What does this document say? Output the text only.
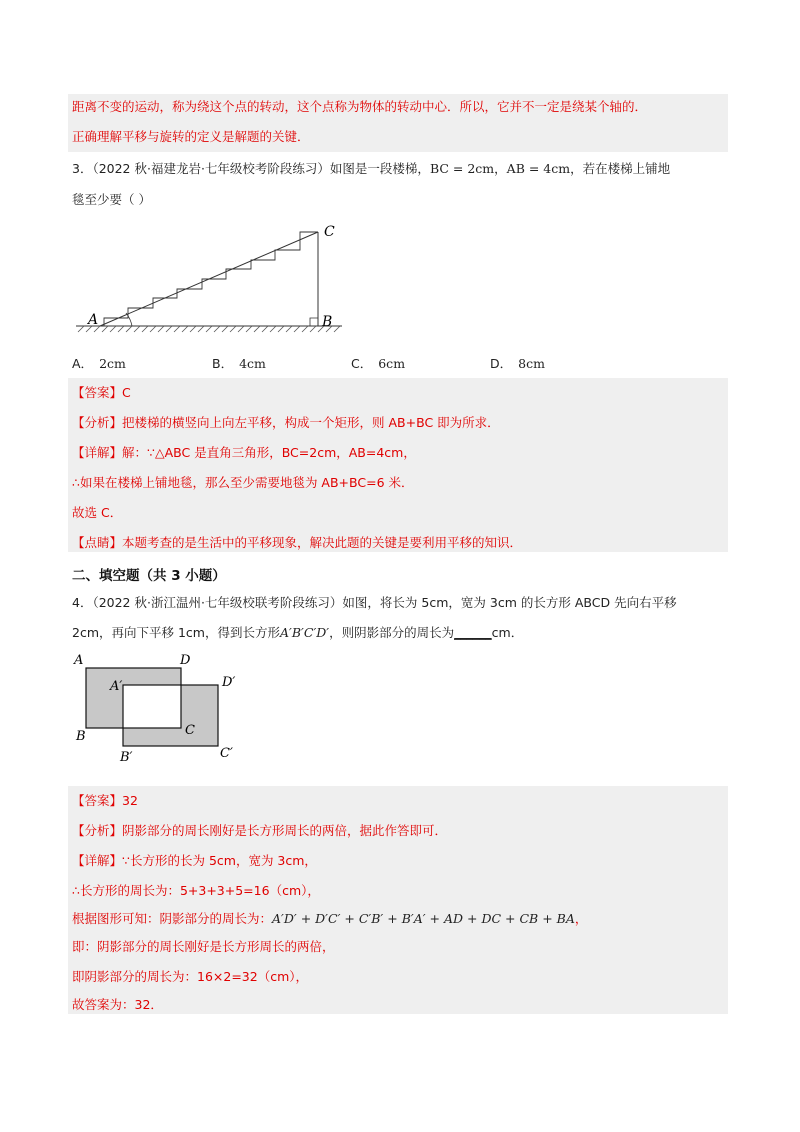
距离不变的运动，称为绕这个点的转动，这个点称为物体的转动中心．所以，它并不一定是绕某个轴的．
正确理解平移与旋转的定义是解题的关键．
3．（2022 秋·福建龙岩·七年级校考阶段练习）如图是一段楼梯，BC = 2cm，AB = 4cm，若在楼梯上铺地
毯至少要（ ）
A	B
C
A． 2cm	B． 4cm	C． 6cm	D． 8cm
【答案】C
【分析】把楼梯的横竖向上向左平移，构成一个矩形，则 AB+BC 即为所求．
【详解】解：∵△ABC 是直角三角形，BC=2cm，AB=4cm，
∴如果在楼梯上铺地毯，那么至少需要地毯为 AB+BC=6 米．
故选 C．
【点睛】本题考查的是生活中的平移现象，解决此题的关键是要利用平移的知识．
二、填空题（共 3 小题）
4．（2022 秋·浙江温州·七年级校联考阶段练习）如图，将长为 5cm，宽为 3cm 的长方形 ABCD 先向右平移
2cm，再向下平移 1cm，得到长方形A′B′C′D′，则阴影部分的周长为______cm．
A	D
B	C
A′	D′
B′	C′
【答案】32
【分析】阴影部分的周长刚好是长方形周长的两倍，据此作答即可．
【详解】∵长方形的长为 5cm，宽为 3cm，
∴长方形的周长为：5+3+3+5=16（cm），
根据图形可知：阴影部分的周长为：A′D′ + D′C′ + C′B′ + B′A′ + AD + DC + CB + BA，
即：阴影部分的周长刚好是长方形周长的两倍，
即阴影部分的周长为：16×2=32（cm），
故答案为：32．
